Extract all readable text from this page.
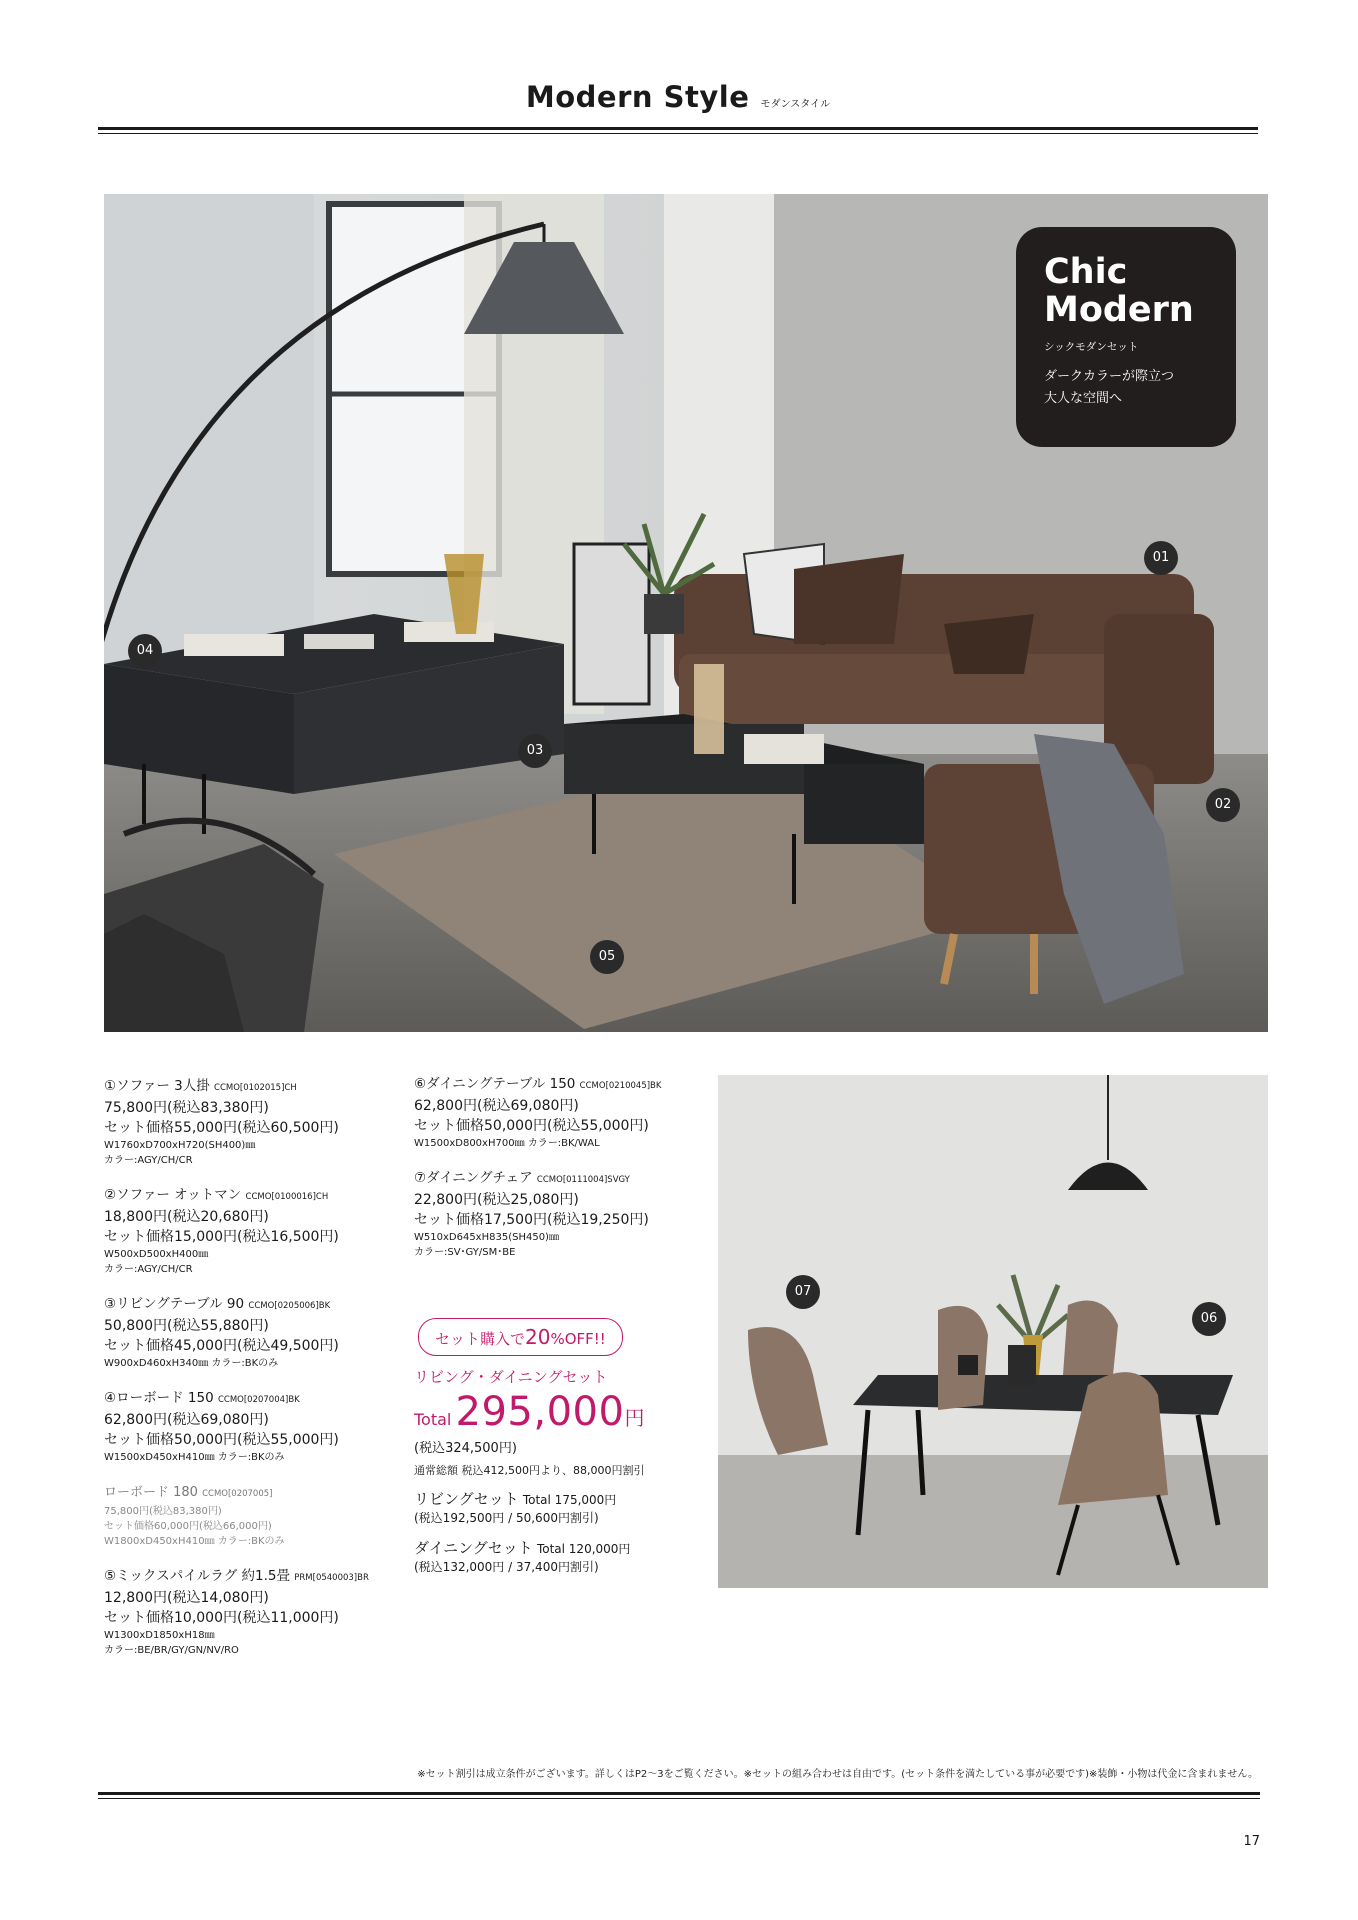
Modern Style モダンスタイル
Chic
Modern
シックモダンセット
ダークカラーが際立つ
大人な空間へ
01
02
03
04
05
07
06
①ソファー 3人掛 CCMO[0102015]CH
75,800円(税込83,380円)
セット価格55,000円(税込60,500円)
W1760xD700xH720(SH400)㎜
カラー:AGY/CH/CR
②ソファー オットマン CCMO[0100016]CH
18,800円(税込20,680円)
セット価格15,000円(税込16,500円)
W500xD500xH400㎜
カラー:AGY/CH/CR
③リビングテーブル 90 CCMO[0205006]BK
50,800円(税込55,880円)
セット価格45,000円(税込49,500円)
W900xD460xH340㎜ カラー:BKのみ
④ローボード 150 CCMO[0207004]BK
62,800円(税込69,080円)
セット価格50,000円(税込55,000円)
W1500xD450xH410㎜ カラー:BKのみ
ローボード 180 CCMO[0207005]
75,800円(税込83,380円)
セット価格60,000円(税込66,000円)
W1800xD450xH410㎜ カラー:BKのみ
⑤ミックスパイルラグ 約1.5畳 PRM[0540003]BR
12,800円(税込14,080円)
セット価格10,000円(税込11,000円)
W1300xD1850xH18㎜
カラー:BE/BR/GY/GN/NV/RO
⑥ダイニングテーブル 150 CCMO[0210045]BK
62,800円(税込69,080円)
セット価格50,000円(税込55,000円)
W1500xD800xH700㎜ カラー:BK/WAL
⑦ダイニングチェア CCMO[0111004]SVGY
22,800円(税込25,080円)
セット価格17,500円(税込19,250円)
W510xD645xH835(SH450)㎜
カラー:SV･GY/SM･BE
セット購入で20%OFF!!
リビング・ダイニングセット
Total 295,000円
(税込324,500円)
通常総額 税込412,500円より、88,000円割引
リビングセット Total 175,000円
(税込192,500円 / 50,600円割引)
ダイニングセット Total 120,000円
(税込132,000円 / 37,400円割引)
※セット割引は成立条件がございます。詳しくはP2〜3をご覧ください。※セットの組み合わせは自由です。(セット条件を満たしている事が必要です)※装飾・小物は代金に含まれません。
17
